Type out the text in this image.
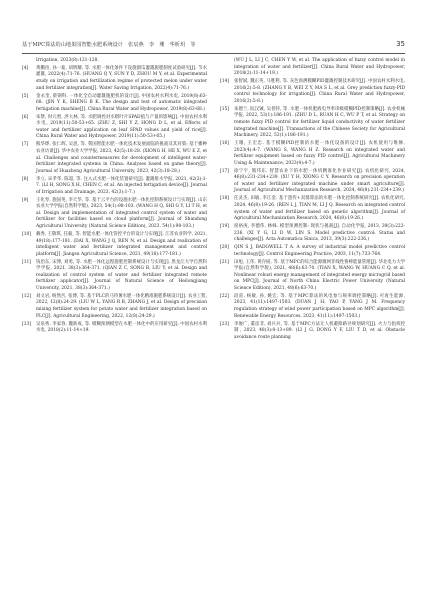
基于MPC算法的山地果园智能水肥系统设计　张辰燕　李　珊　华昕玥　等	35
Irrigation, 2023(8):121-128.
[4]	黄鹏宙, 孙一迪, 胡明耀, 等. 水肥一体化条件下设施甜瓜灌溉施肥制度试验研究[J]. 节水灌溉, 2022(4):71-76. (HUANG Q Y, SUN Y D, ZHOU M Y, et al. Experimental study on irrigation and fertilization regime of protected melon under water and fertilizer integration[J]. Water Saving Irrigation, 2022(4):71-76.)
[5]	金永奎, 蔡钢科. 一体化全自动灌溉施肥机的设计[J]. 中国农村水利水电, 2019(8):63-68. (JIN Y K, SHENG B K. The design and test of automatic integrated fertigation machine[J]. China Rural Water and Hydropower, 2019(8):63-68.)
[6]	朱赞, 时元智, 洪大林, 等. 水肥调控对水稻叶片SPAD值与产量的影响[J]. 中国农村水利水电, 2019(11):50-53+65. (ZHU Z, SHI Y Z, HONG D L, et al. Effects of water and fertilizer application on leaf SPAD values and yield of rice[J]. China Rural Water and Hydropower, 2019(11):50-53+65.)
[7]	熊华烨, 张仁辉, 吴思, 等. 我国智能水肥一体化技术发展面临的挑战及其对策: 基于播种农业访谈[J]. 华中农业大学学报, 2023, 42(5):18-28. (XIONG H, HE X, WU E Z, et al. Challenges and countermeasures for development of intelligent water-fertilizer integrated systems in China: Analyses based on game theory[J]. Journal of Huazhong Agricultural University, 2023, 42(3):18-28.)
[8]	李立, 宋孝华, 陈超, 等. 注入式水肥一体化装置研究[J]. 灌溉排水学报, 2021, 42(3):1-7. (LI H, SONG X H, CHEN C, et al. An injected fertigation device[J]. Journal of Irrigation and Drainage, 2023, 42(3):1-7.)
[9]	王化琴, 施国英, 李天华, 等. 基于云平台的设施水肥一体化控制系统设计与实现[J]. 山东农业大学学报(自然科学版), 2023, 54(1):98-103. (WANG H Q, SHI G Y, LI T H, et al. Design and implementation of integrated control system of water and fertilizer for facilities based on cloud platform[J]. Journal of Shandong Agricultural University (Natural Science Edition), 2023, 54(1):98-103.)
[10]	戴秀, 王敬琪, 任毅, 等. 智能水肥一体化管控平台的设计与实现[J]. 江苏农业科学, 2021, 49(18):177-181. (DAI X, WANG J Q, REN N, et al. Design and realization of intelligent water and fertilizer integrated management and control platform[J]. Jiangsu Agricultural Science, 2021, 49(18):177-181.)
[11]	钱治东, 宋博, 刘勇, 等. 水肥一体化远程施肥控制系统设计与实现[J]. 黑龙江大学自然科学学报, 2021, 38(3):364-371. (QIAN Z C, SONG B, LIU Y, et al. Design and realization of control system of water and fertilizer integrated remote fertilizer applicator[J]. Journal of Natural Science of Heilongjiang University, 2021, 38(3):364-371.)
[12]	刘文岩, 杨然吾, 张博, 等. 基于PLC的马铃薯水肥一体化精准施肥系统设计[J]. 农业工程, 2022, 12(8):24-29. (LIU W L, YANG R B, ZHANG J, et al. Design of precision mixing fertilizer system for potato water and fertilizer integration based on PLC[J]. Agricultural Engineering, 2022, 12(8):24-29.)
[13]	吴泉秀, 李家春, 魏新成, 等. 模糊预测模型在水肥一体化中的应用研究[J]. 中国农村水利水电, 2018(2):11-14+19.
(WU J L, LI J C, CHEN Y W, et al. The application of fuzzy control model in integration of water and fertilizer[J]. China Rural Water and Hydropower, 2018(2):11-14+19.)
[14]	张智斌, 魏正英, 马胜利, 等. 灰色预测模糊PID灌溉控制技术研究[J]. 中国农村水利水电, 2016(2):5-8. (ZHANG Y B, WEI Z Y, MA S L, et al. Grey prediction fuzzy-PID control technology for irrigation[J]. China Rural Water and Hydropower, 2016(2):5-8.)
[15]	朱德兰, 阮汉铖, 吴普特, 等. 水肥一体机肥液电导率串级模糊PID控制策略[J]. 农业机械学报, 2022, 53(1):186-191. (ZHU D L, RUAN H C, WU P T, et al. Strategy on remote fuzzy PID control for fertilizer liquid conductivity of water fertilizer integrated machine[J]. Transactions of the Chinese Society for Agricultural Machinery, 2022, 53(1):186-191.)
[16]	王珊, 王宏忠. 基于模糊PID控制的水肥一体化设备的设计[J]. 农机使用与维修, 2023(4):4-7. (WANG S, WANG H Z. Research on integrated water and fertilizer equipment based on fuzzy PID control[J]. Agricultural Machinery Using & Maintenance, 2023(4):4-7.)
[17]	徐宁宇, 熊伟东. 智慧农业下的水肥一体机精准化作业研究[J]. 农机化研究, 2024, 46(8):231-234+239. (XU Y H, XIONG C Y. Research on precision operation of water and fertilizer integrated machine under smart agriculture[J]. Journal of Agricultural Mechanization Research, 2024, 46(8):231-234+239.)
[18]	任灵杰, 田敏, 李江金. 基于遗传+双群算法的水肥一体化控制系统研究[J]. 农机化研究, 2024, 46(8):19-26. (REN L J, TIAN M, LI J Q. Research on integrated control system of water and fertilizer based on genetic algorithm[J]. Journal of Agricultural Mechanization Research, 2024, 46(8):19-26.)
[19]	席裕庚, 李德伟, 林姝. 模型预测控制: 现状与挑战[J]. 自动化学报, 2013, 39(3):222-236. (XI Y G, LI D W, LIN S. Model predictive control: Status and challenges[J]. Acta Automatica Sinica, 2013, 39(3):222-236.)
[20]	QIN S J, BADGWELL T A. A survey of industrial model predictive control technology[J]. Control Engineering Practice, 2003, 11(7):733-764.
[21]	田旭, 王伟, 黄存棂, 等. 基于MPC的综合能源微网非线性鲁棒能量管理[J]. 华北电力大学学报(自然科学版), 2021, 48(6):63-70. (TIAN X, WANG W, HUANG C Q, et al. Nonlinear robust energy management of integrated energy microgrid based on MPC[J]. Journal of North China Electric Power University (Natural Science Edition), 2021, 48(6):63-70.)
[22]	段雷, 杨敏, 孙, 姚宏, 等. 基于MPC算法的风电参与频率调控策略[J]. 可再生能源, 2023, 41(11):1497-1503. (DUAN J H, YAO P, YANG J M. Frequency regulation strategy of wind power participation based on MPC algorithm[J]. Renewable Energy Resources, 2023, 41(11):1497-1503.)
[23]	李俊广, 董彦非, 刘兵兵, 等. 基于MPC方法无人机避障路径规划研究[J]. 火力与指挥控制, 2023, 48(3):8-13+89. (LI J G, DONG Y F, LIU T D, et al. Obstacle avoidance route planning
